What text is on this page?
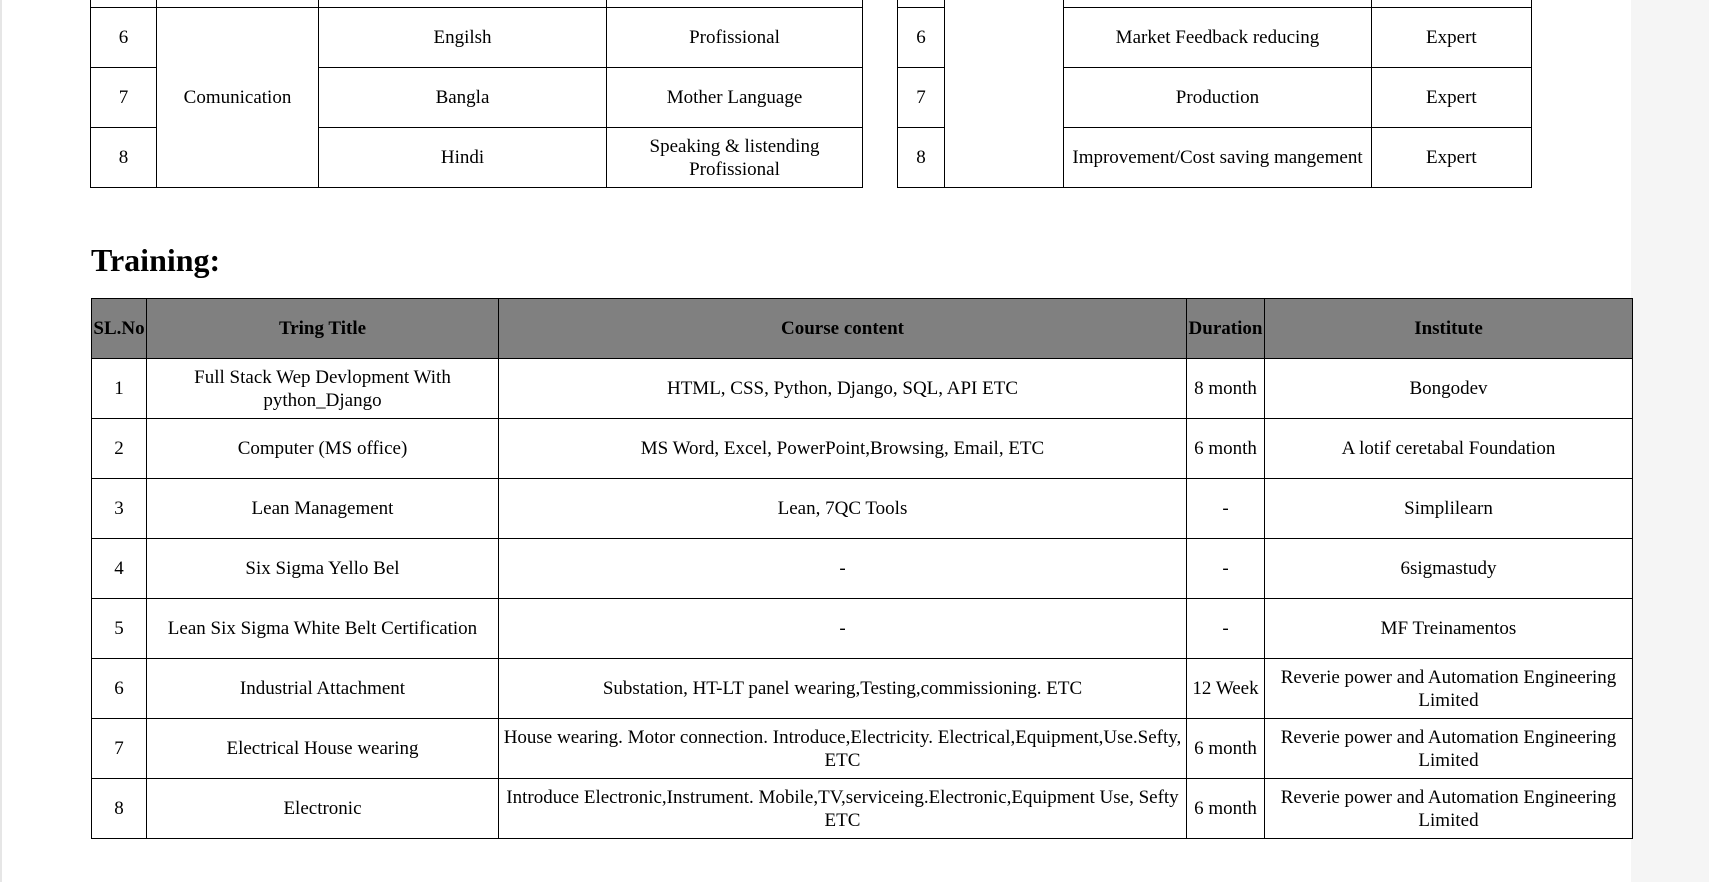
6	Comunication	Engilsh	Profissional
7		Bangla	Mother Language
8		Hindi	Speaking & listending Profissional

6		Market Feedback reducing	Expert
7		Production	Expert
8		Improvement/Cost saving mangement	Expert
Training:
SL.No	Tring Title	Course content	Duration	Institute
1	Full Stack Wep Devlopment With python_Django	HTML, CSS, Python, Django, SQL, API ETC	8 month	Bongodev
2	Computer (MS office)	MS Word, Excel, PowerPoint,Browsing, Email, ETC	6 month	A lotif ceretabal Foundation
3	Lean Management	Lean, 7QC Tools	-	Simplilearn
4	Six Sigma Yello Bel	-	-	6sigmastudy
5	Lean Six Sigma White Belt Certification	-	-	MF Treinamentos
6	Industrial Attachment	Substation, HT-LT panel wearing,Testing,commissioning. ETC	12 Week	Reverie power and Automation Engineering Limited
7	Electrical House wearing	House wearing. Motor connection. Introduce,Electricity. Electrical,Equipment,Use.Sefty, ETC	6 month	Reverie power and Automation Engineering Limited
8	Electronic	Introduce Electronic,Instrument. Mobile,TV,serviceing.Electronic,Equipment Use, Sefty ETC	6 month	Reverie power and Automation Engineering Limited
